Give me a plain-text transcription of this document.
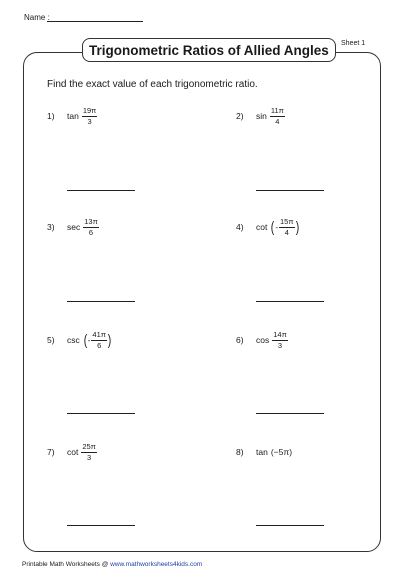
Name :
Trigonometric Ratios of Allied Angles	Sheet 1
Find the exact value of each trigonometric ratio.
1)	$\tan \frac{19\pi}{3}$	2)	$\sin \frac{11\pi}{4}$
3)	$\sec \frac{13\pi}{6}$	4)	cot ( - $\frac{15\pi}{4}$ )
5)	csc ( - $\frac{41\pi}{6}$ )	6)	$\cos \frac{14\pi}{3}$
7)	$\cot \frac{25\pi}{3}$	8)	tan (−5π)
Printable Math Worksheets @ www.mathworksheets4kids.com
